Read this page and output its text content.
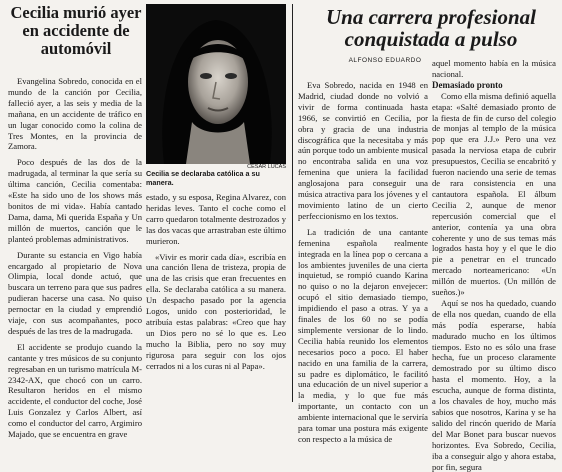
Cecilia murió ayer en accidente de automóvil

Evangelina Sobredo, conocida en el mundo de la canción por Cecilia, falleció ayer, a las seis y media de la mañana, en un accidente de tráfico en un lugar conocido como la colina de Tres Montes, en la provincia de Zamora.

Poco después de las dos de la madrugada, al terminar la que sería su última canción, Cecilia comentaba: «Este ha sido uno de los shows más bonitos de mi vida». Había cantado Dama, dama, Mi querida España y Un millón de muertos, canción que le planteó problemas administrativos.

Durante su estancia en Vigo había encargado al propietario de Nova Olimpia, local donde actuó, que buscara un terreno para que sus padres pudieran hacerse una casa. No quiso pernoctar en la ciudad y emprendió viaje, con sus acompañantes, poco después de las tres de la madrugada.

El accidente se produjo cuando la cantante y tres músicos de su conjunto regresaban en un turismo matrícula M-2342-AX, que chocó con un carro. Resultaron heridos en el mismo accidente, el conductor del coche, José Luis Gonzalez y Carlos Albert, así como el conductor del carro, Argimiro Majado, que se encuentra en grave

CESAR LUCAS
Cecilia se declaraba católica a su manera.

estado, y su esposa, Regina Alvarez, con heridas leves. Tanto el coche como el carro quedaron totalmente destrozados y las dos vacas que arrastraban este último murieron.

«Vivir es morir cada día», escribía en una canción llena de tristeza, propia de una de las crisis que eran frecuentes en ella. Se declaraba católica a su manera. Un despacho pasado por la agencia Logos, unido con posterioridad, le atribuía estas palabras: «Creo que hay un Dios pero no sé lo que es. Leo mucho la Biblia, pero no soy muy rigurosa para seguir con los ojos cerrados ni a los curas ni al Papa».

Una carrera profesional conquistada a pulso
ALFONSO EDUARDO

Eva Sobredo, nacida en 1948 en Madrid, ciudad donde no volvió a vivir de forma continuada hasta 1966, se convirtió en Cecilia, por obra y gracia de una industria discográfica que la necesitaba y más aún porque todo un ambiente musical no encontraba salida en una voz femenina que uniera la facilidad anglosajona para conseguir una música atractiva para los jóvenes y el movimiento latino de un cierto perfeccionismo en los textos.

La tradición de una cantante femenina española realmente integrada en la línea pop o cercana a los ambientes juveniles de una cierta inquietud, se rompió cuando Karina no quiso o no la dejaron envejecer: ocupó el sitio demasiado tiempo, impidiendo el paso a otras. Y ya a finales de los 60 no se podía simplemente versionar de lo lindo. Cecilia había reunido los elementos necesarios poco a poco. El haber nacido en una familia de la carrera, su padre es diplomático, le facilitó una educación de un nivel superior a la media, y lo que fue más importante, un contacto con un ambiente internacional que le serviría para tomar una postura más exigente con respecto a la música de

aquel momento había en la música nacional.

Demasiado pronto

Como ella misma definió aquella etapa: «Salté demasiado pronto de la fiesta de fin de curso del colegio de monjas al templo de la música pop que era J.J.» Pero una vez pasada la nerviosa etapa de cubrir presupuestos, Cecilia se encabritó y fueron naciendo una serie de temas de rara consistencia en una cantautora española. El álbum Cecilia 2, aunque de menor repercusión comercial que el anterior, contenía ya una obra coherente y uno de sus temas más logrados hasta hoy y el que le dio pie a penetrar en el truncado mercado norteamericano: «Un millón de muertos. (Un millón de sueños.)»

Aquí se nos ha quedado, cuando de ella nos quedan, cuando de ella más podía esperarse, había madurado mucho en los últimos tiempos. Esto no es sólo una frase hecha, fue un proceso claramente demostrado por su último disco hasta el momento. Hoy, a la escucha, aunque de forma distinta, a los chavales de hoy, mucho más sabios que nosotros, Karina y se ha salido del rincón querido de María del Mar Bonet para buscar nuevos horizontes. Eva Sobredo, Cecilia, iba a conseguir algo y ahora estaba, por fin, segura
